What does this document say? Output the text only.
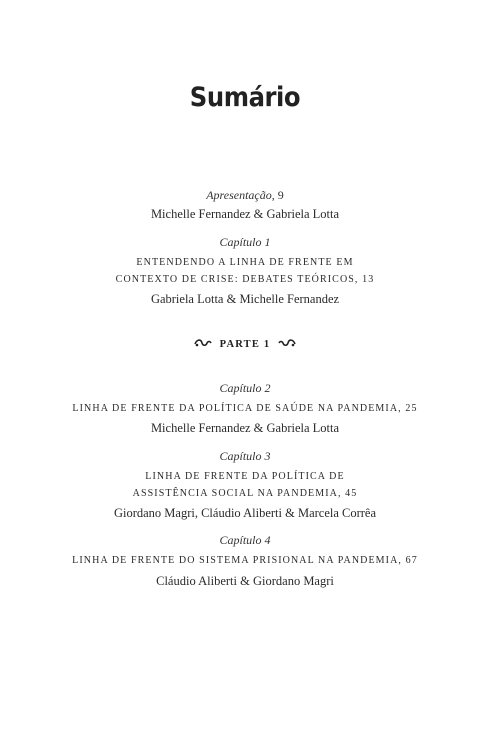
Sumário
Apresentação, 9
Michelle Fernandez & Gabriela Lotta
Capítulo 1
ENTENDENDO A LINHA DE FRENTE EM
CONTEXTO DE CRISE: DEBATES TEÓRICOS, 13
Gabriela Lotta & Michelle Fernandez
PARTE 1
Capítulo 2
LINHA DE FRENTE DA POLÍTICA DE SAÚDE NA PANDEMIA, 25
Michelle Fernandez & Gabriela Lotta
Capítulo 3
LINHA DE FRENTE DA POLÍTICA DE
ASSISTÊNCIA SOCIAL NA PANDEMIA, 45
Giordano Magri, Cláudio Aliberti & Marcela Corrêa
Capítulo 4
LINHA DE FRENTE DO SISTEMA PRISIONAL NA PANDEMIA, 67
Cláudio Aliberti & Giordano Magri
